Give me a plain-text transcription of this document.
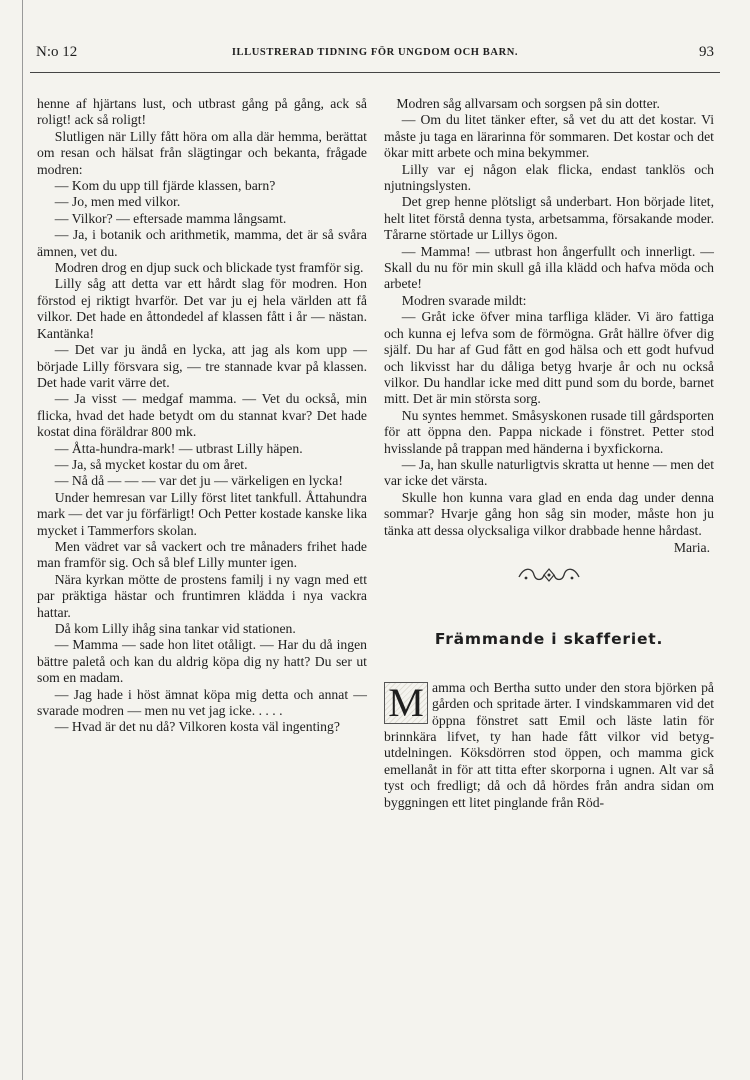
N:o 12	ILLUSTRERAD TIDNING FÖR UNGDOM OCH BARN.	93

henne af hjärtans lust, och utbrast gång på gång, ack så roligt! ack så roligt!

Slutligen när Lilly fått höra om alla där hemma, berättat om resan och hälsat från slägtingar och bekanta, frågade modren:

— Kom du upp till fjärde klassen, barn?

— Jo, men med vilkor.

— Vilkor? — eftersade mamma långsamt.

— Ja, i botanik och arithmetik, mamma, det är så svåra ämnen, vet du.

Modren drog en djup suck och blickade tyst framför sig.

Lilly såg att detta var ett hårdt slag för modren. Hon förstod ej riktigt hvarför. Det var ju ej hela världen att få vilkor. Det hade en åttondedel af klassen fått i år — nästan. Kantänka!

— Det var ju ändå en lycka, att jag als kom upp — började Lilly försvara sig, — tre stannade kvar på klassen. Det hade varit värre det.

— Ja visst — medgaf mamma. — Vet du också, min flicka, hvad det hade betydt om du stannat kvar? Det hade kostat dina föräldrar 800 mk.

— Åtta-hundra-mark! — utbrast Lilly häpen.

— Ja, så mycket kostar du om året.

— Nå då — — — var det ju — värkeligen en lycka!

Under hemresan var Lilly först litet tankfull. Åttahundra mark — det var ju förfärligt! Och Petter kostade kanske lika mycket i Tammerfors skolan.

Men vädret var så vackert och tre månaders frihet hade man framför sig. Och så blef Lilly munter igen.

Nära kyrkan mötte de prostens familj i ny vagn med ett par präktiga hästar och fruntimren klädda i nya vackra hattar.

Då kom Lilly ihåg sina tankar vid stationen.

— Mamma — sade hon litet otåligt. — Har du då ingen bättre paletå och kan du aldrig köpa dig ny hatt? Du ser ut som en madam.

— Jag hade i höst ämnat köpa mig detta och annat — svarade modren — men nu vet jag icke. . . . .

— Hvad är det nu då? Vilkoren kosta väl ingenting?

Modren såg allvarsam och sorgsen på sin dotter.

— Om du litet tänker efter, så vet du att det kostar. Vi måste ju taga en lärarinna för sommaren. Det kostar och det ökar mitt arbete och mina bekymmer.

Lilly var ej någon elak flicka, endast tanklös och njutningslysten.

Det grep henne plötsligt så underbart. Hon började litet, helt litet förstå denna tysta, arbetsamma, försakande moder. Tårarne störtade ur Lillys ögon.

— Mamma! — utbrast hon ångerfullt och innerligt. — Skall du nu för min skull gå illa klädd och hafva möda och arbete!

Modren svarade mildt:

— Gråt icke öfver mina tarfliga kläder. Vi äro fattiga och kunna ej lefva som de förmögna. Gråt hällre öfver dig själf. Du har af Gud fått en god hälsa och ett godt hufvud och likvisst har du dåliga betyg hvarje år och nu också vilkor. Du handlar icke med ditt pund som du borde, barnet mitt. Det är min största sorg.

Nu syntes hemmet. Småsyskonen rusade till gårdsporten för att öppna den. Pappa nickade i fönstret. Petter stod hvisslande på trappan med händerna i byxfickorna.

— Ja, han skulle naturligtvis skratta ut henne — men det var icke det värsta.

Skulle hon kunna vara glad en enda dag under denna sommar? Hvarje gång hon såg sin moder, måste hon ju tänka att dessa olycksaliga vilkor drabbade henne hårdast.

Maria.
Främmande i skafferiet.
M amma och Bertha sutto under den stora björken på gården och spritade ärter. I vindskammaren vid det öppna fönstret satt Emil och läste latin för brinnkära lifvet, ty han hade fått vilkor vid betyg-utdelningen. Köksdörren stod öppen, och mamma gick emellanåt in för att titta efter skorporna i ugnen. Alt var så tyst och fredligt; då och då hördes från andra sidan om byggningen ett litet pinglande från Röd-
